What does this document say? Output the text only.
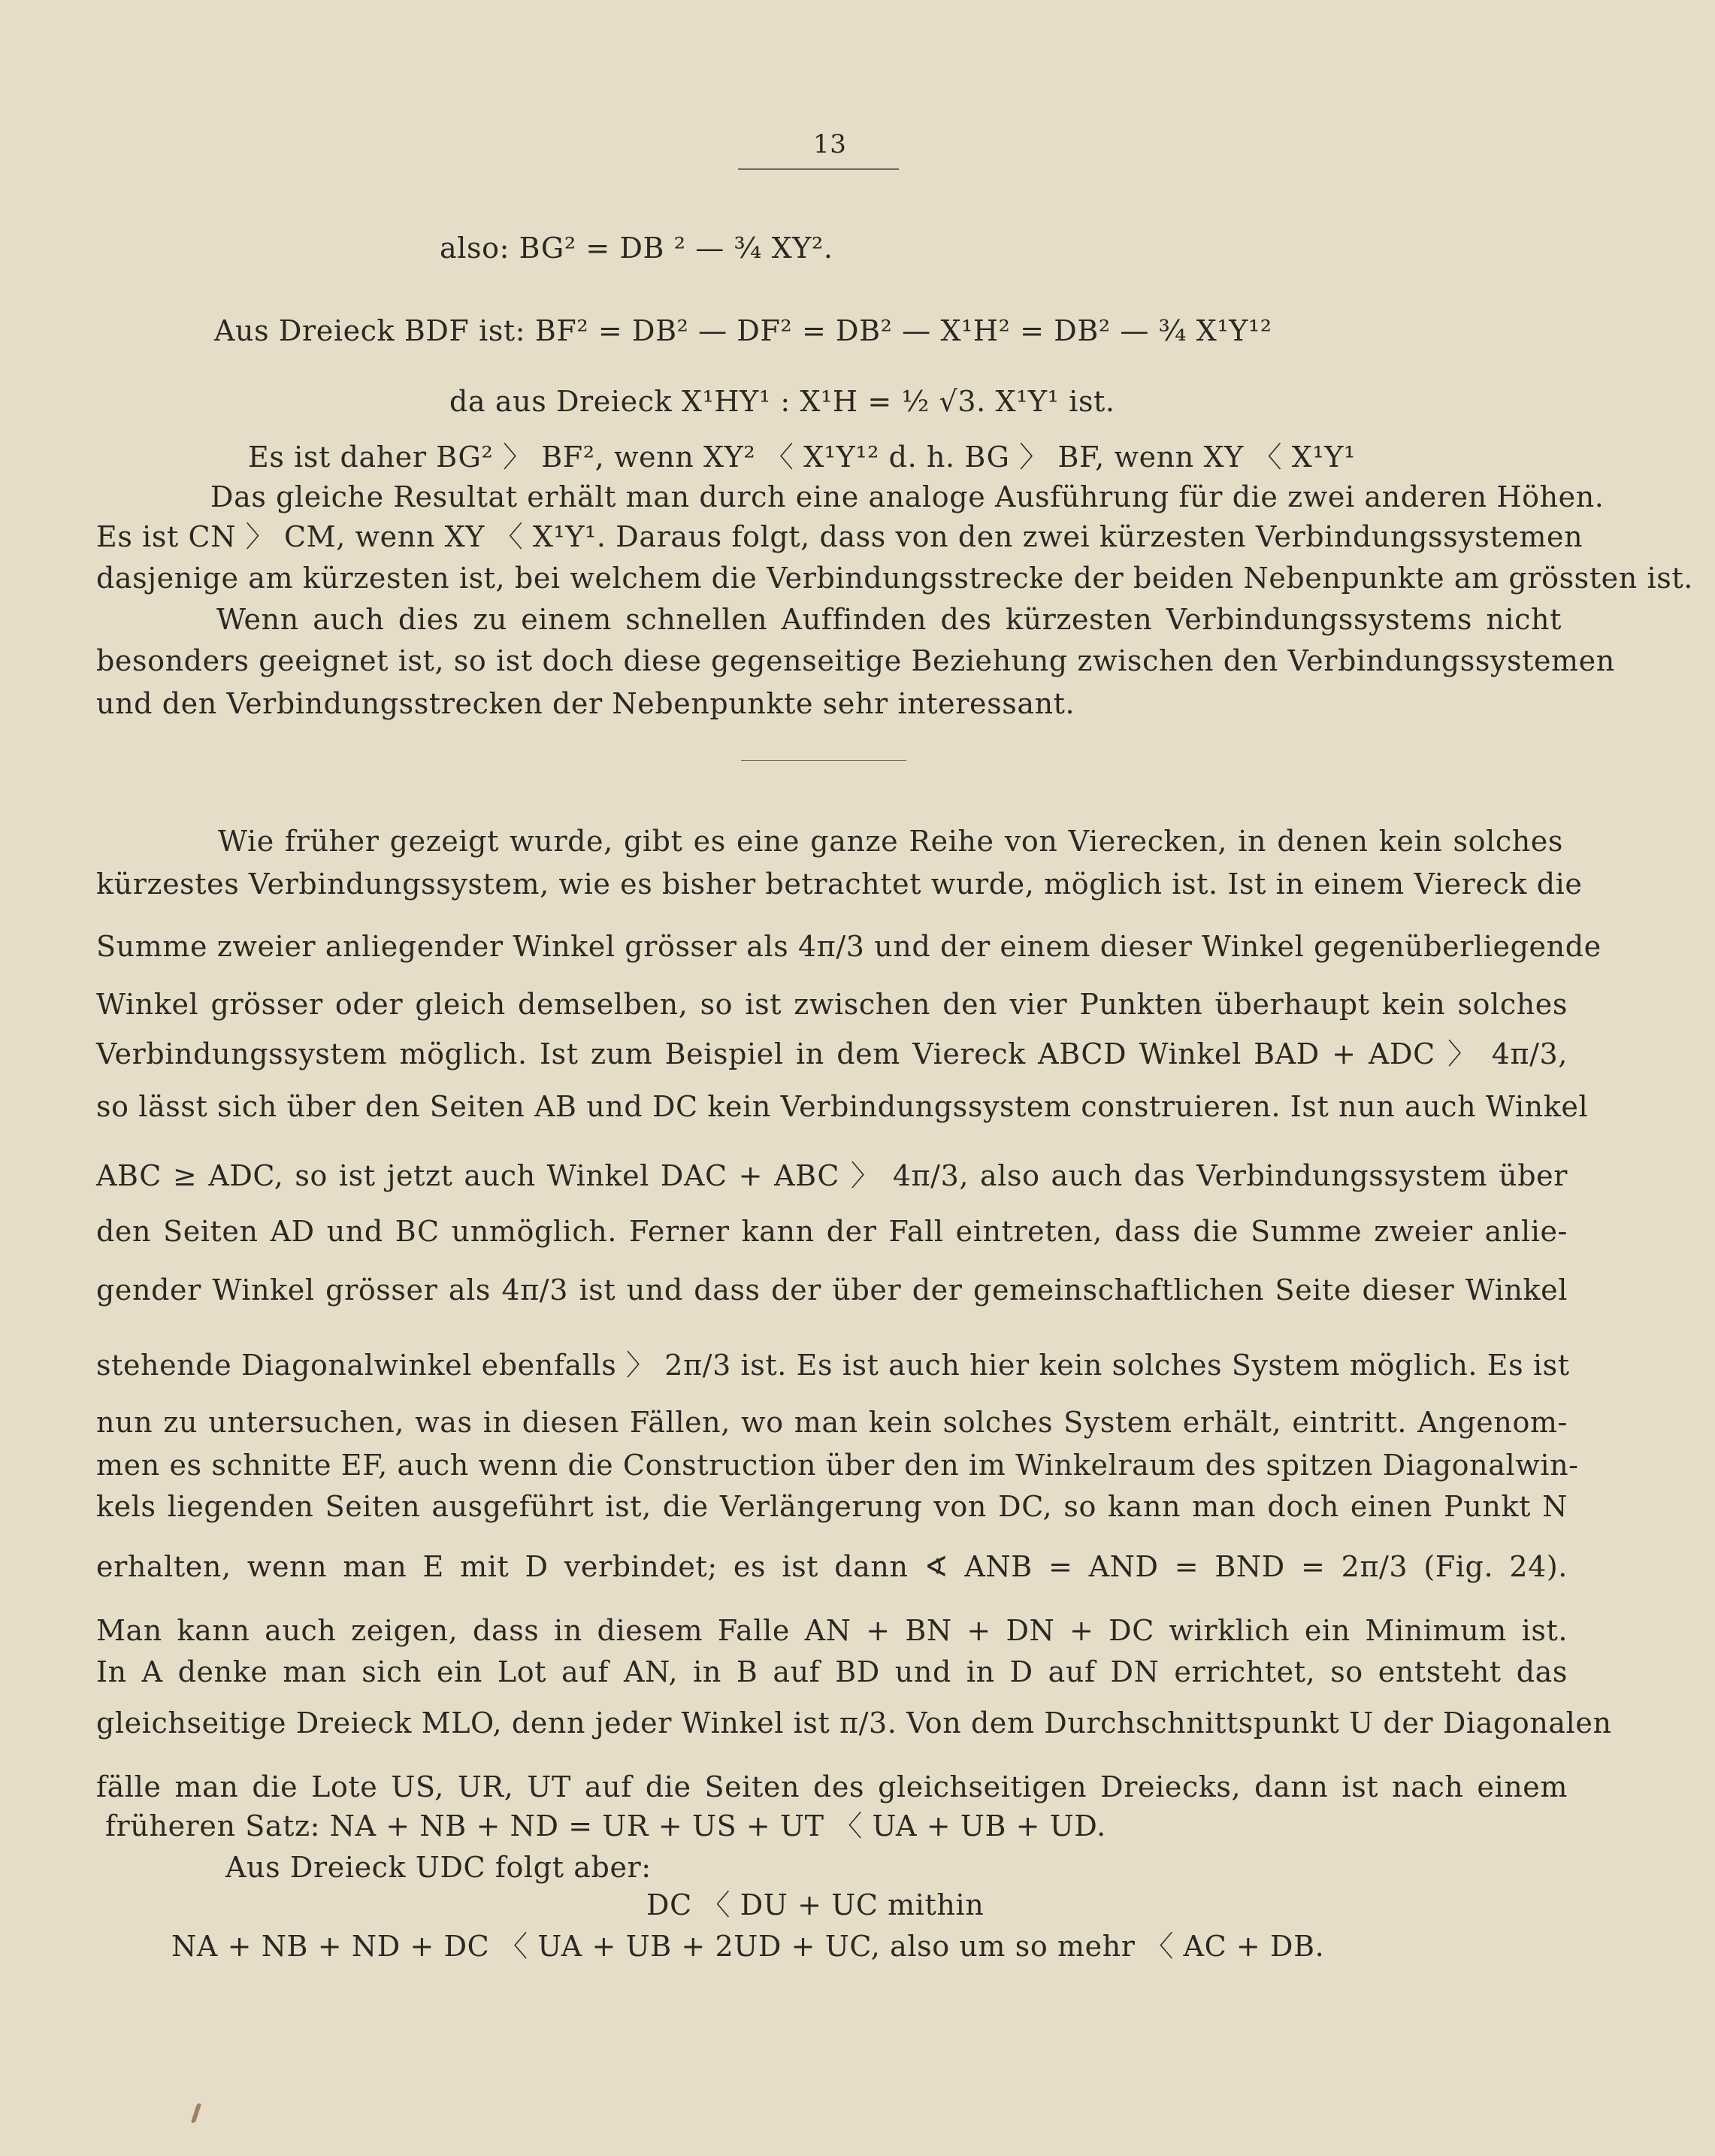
13
also: BG² = DB ² — ¾ XY².
Aus Dreieck BDF ist: BF² = DB² — DF² = DB² — X¹H² = DB² — ¾ X¹Y¹²
da aus Dreieck X¹HY¹ : X¹H = ½ √3. X¹Y¹ ist.
Es ist daher BG² 〉 BF², wenn XY² 〈 X¹Y¹² d. h. BG 〉 BF, wenn XY 〈 X¹Y¹
Das gleiche Resultat erhält man durch eine analoge Ausführung für die zwei anderen Höhen.
Es ist CN 〉 CM, wenn XY 〈 X¹Y¹. Daraus folgt, dass von den zwei kürzesten Verbindungssystemen
dasjenige am kürzesten ist, bei welchem die Verbindungsstrecke der beiden Nebenpunkte am grössten ist.
Wenn auch dies zu einem schnellen Auffinden des kürzesten Verbindungssystems nicht
besonders geeignet ist, so ist doch diese gegenseitige Beziehung zwischen den Verbindungssystemen
und den Verbindungsstrecken der Nebenpunkte sehr interessant.
Wie früher gezeigt wurde, gibt es eine ganze Reihe von Vierecken, in denen kein solches
kürzestes Verbindungssystem, wie es bisher betrachtet wurde, möglich ist. Ist in einem Viereck die
Summe zweier anliegender Winkel grösser als 4π/3 und der einem dieser Winkel gegenüberliegende
Winkel grösser oder gleich demselben, so ist zwischen den vier Punkten überhaupt kein solches
Verbindungssystem möglich. Ist zum Beispiel in dem Viereck ABCD Winkel BAD + ADC 〉 4π/3,
so lässt sich über den Seiten AB und DC kein Verbindungssystem construieren. Ist nun auch Winkel
ABC ≥ ADC, so ist jetzt auch Winkel DAC + ABC 〉 4π/3, also auch das Verbindungssystem über
den Seiten AD und BC unmöglich. Ferner kann der Fall eintreten, dass die Summe zweier anlie-
gender Winkel grösser als 4π/3 ist und dass der über der gemeinschaftlichen Seite dieser Winkel
stehende Diagonalwinkel ebenfalls 〉 2π/3 ist. Es ist auch hier kein solches System möglich. Es ist
nun zu untersuchen, was in diesen Fällen, wo man kein solches System erhält, eintritt. Angenom-
men es schnitte EF, auch wenn die Construction über den im Winkelraum des spitzen Diagonalwin-
kels liegenden Seiten ausgeführt ist, die Verlängerung von DC, so kann man doch einen Punkt N
erhalten, wenn man E mit D verbindet; es ist dann ∢ ANB = AND = BND = 2π/3 (Fig. 24).
Man kann auch zeigen, dass in diesem Falle AN + BN + DN + DC wirklich ein Minimum ist.
In A denke man sich ein Lot auf AN, in B auf BD und in D auf DN errichtet, so entsteht das
gleichseitige Dreieck MLO, denn jeder Winkel ist π/3. Von dem Durchschnittspunkt U der Diagonalen
fälle man die Lote US, UR, UT auf die Seiten des gleichseitigen Dreiecks, dann ist nach einem
früheren Satz: NA + NB + ND = UR + US + UT 〈 UA + UB + UD.
Aus Dreieck UDC folgt aber:
DC 〈 DU + UC mithin
NA + NB + ND + DC 〈 UA + UB + 2UD + UC, also um so mehr 〈 AC + DB.
